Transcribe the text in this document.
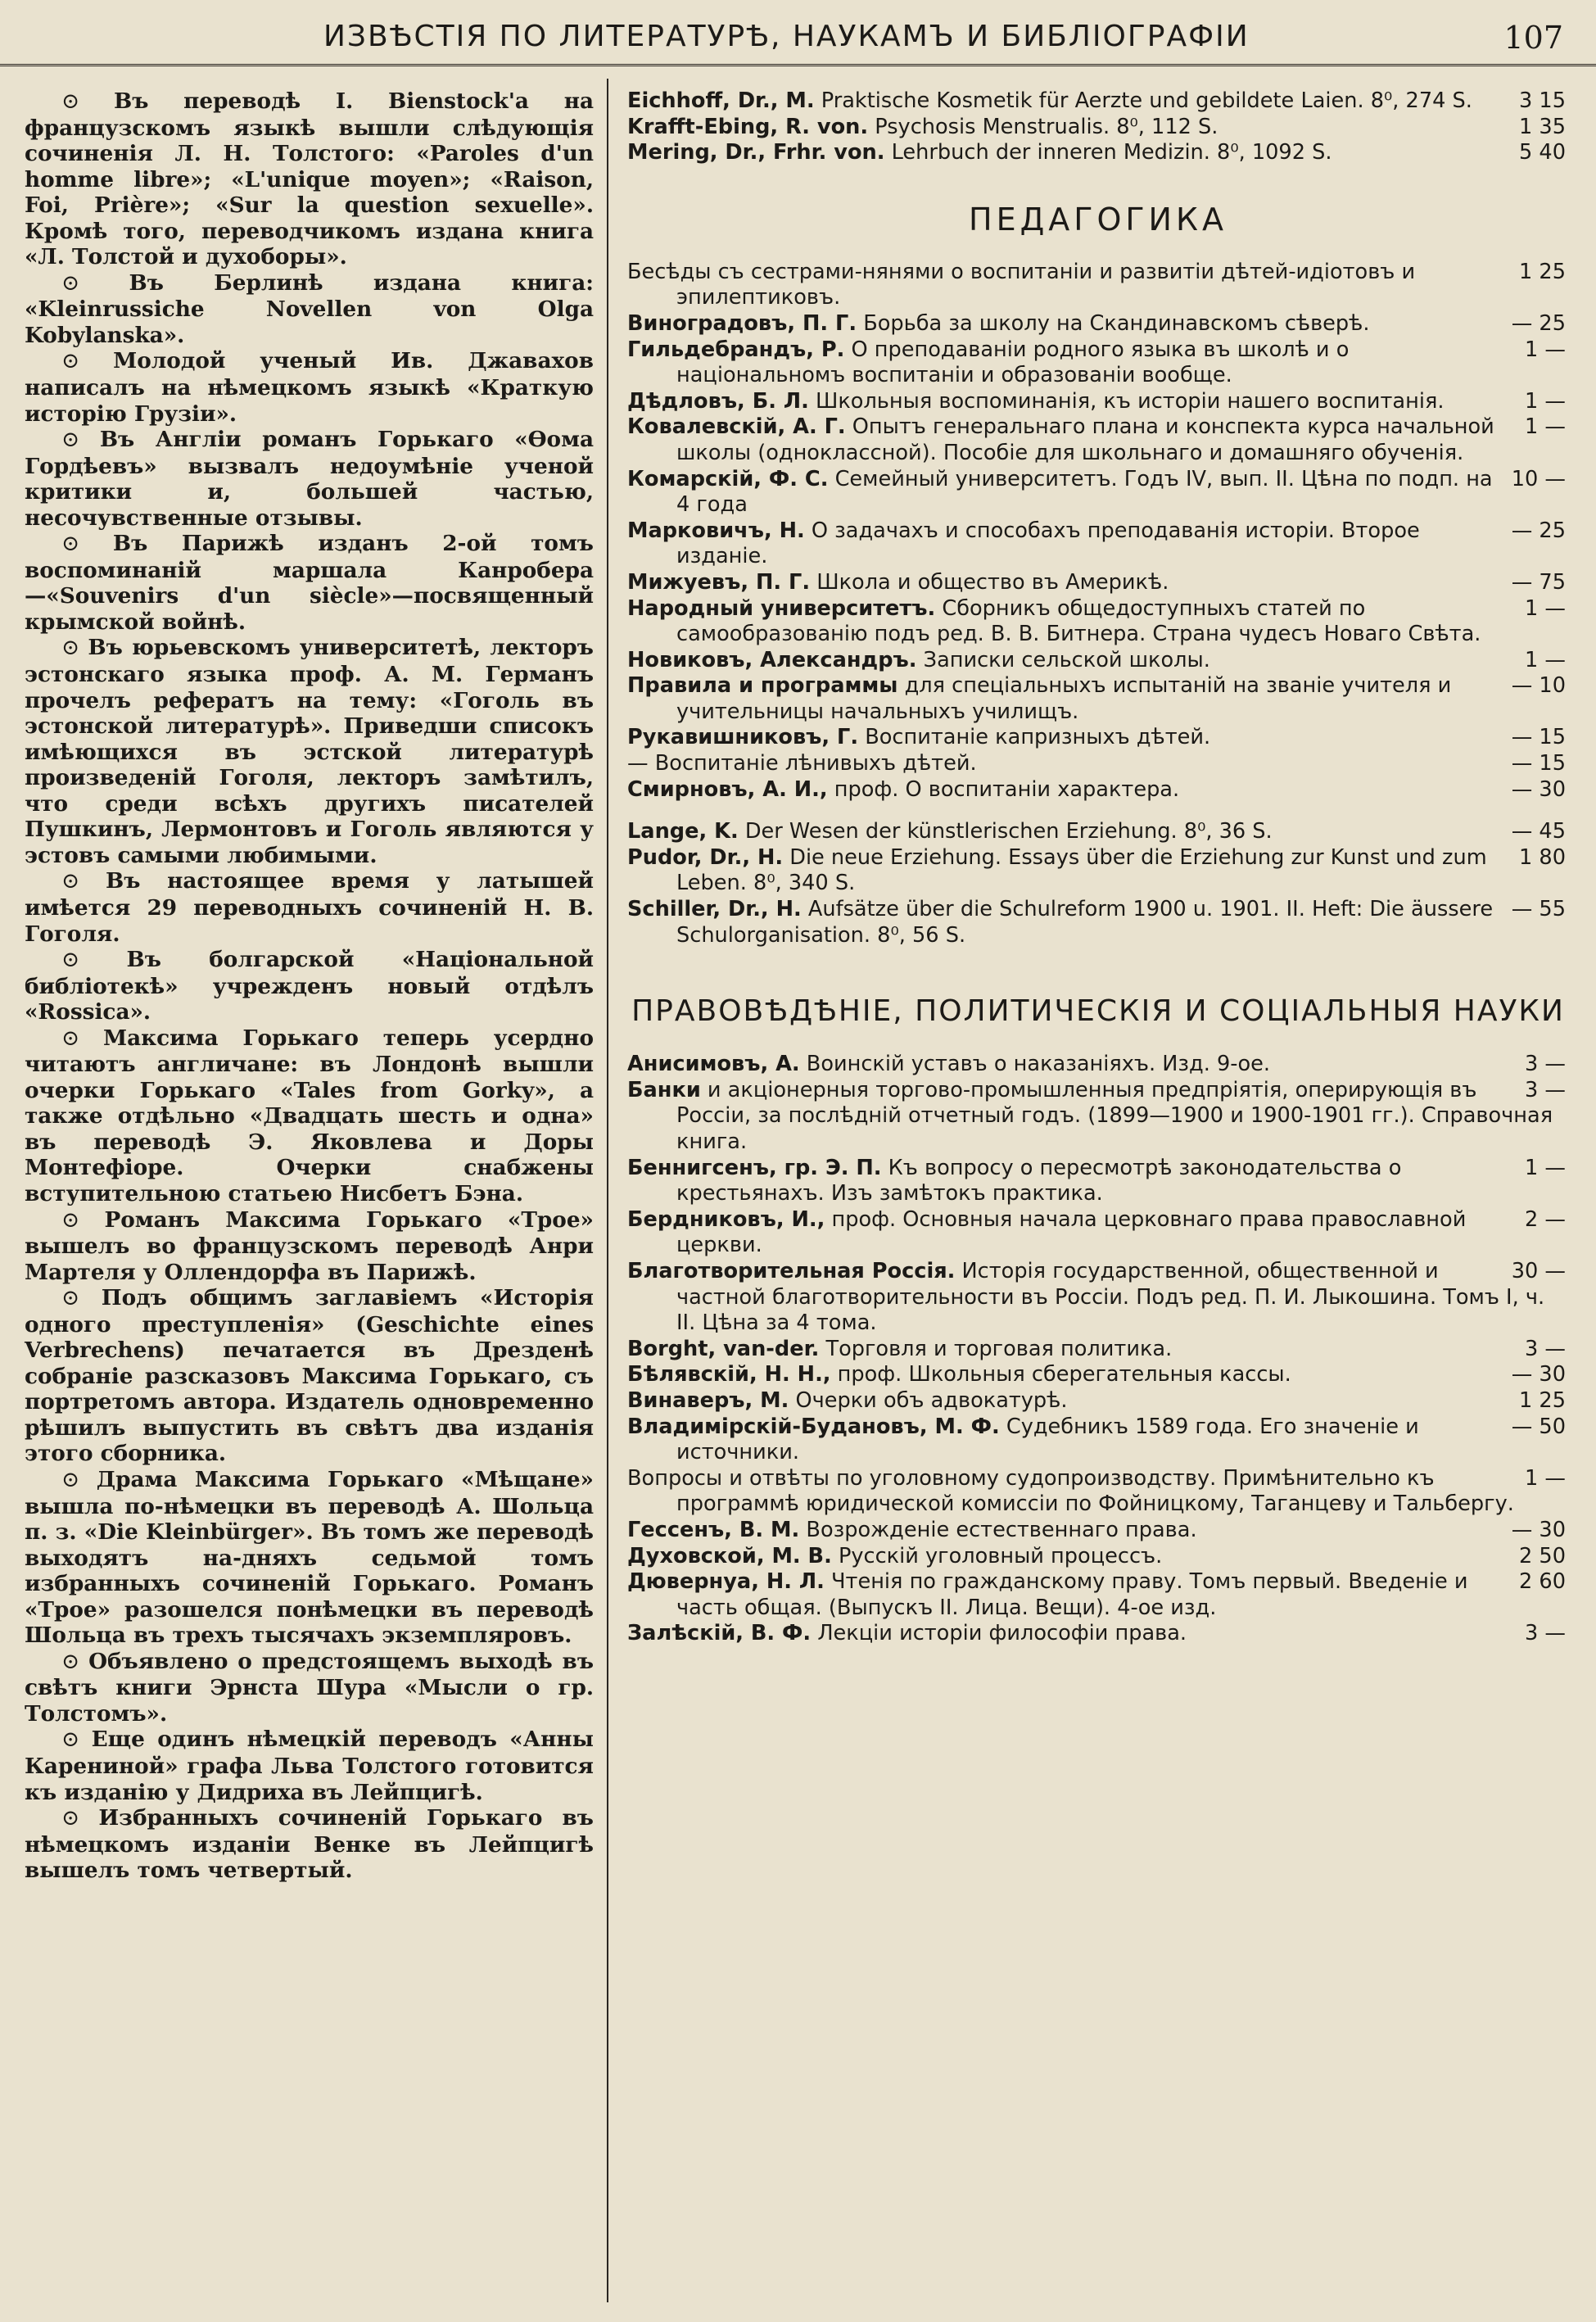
ИЗВѢСТІЯ ПО ЛИТЕРАТУРѢ, НАУКАМЪ И БИБЛІОГРАФІИ	107

⊙ Въ переводѣ I. Bienstock'a на французскомъ языкѣ вышли слѣдующія сочиненія Л. Н. Толстого: «Paroles d'un homme libre»; «L'unique moyen»; «Raison, Foi, Prière»; «Sur la question sexuelle». Кромѣ того, переводчикомъ издана книга «Л. Толстой и духоборы».

⊙ Въ Берлинѣ издана книга: «Kleinrussiche Novellen von Olga Kobylanska».

⊙ Молодой ученый Ив. Джавахов написалъ на нѣмецкомъ языкѣ «Краткую исторію Грузіи».

⊙ Въ Англіи романъ Горькаго «Ѳома Гордѣевъ» вызвалъ недоумѣніе ученой критики и, большей частью, несочувственные отзывы.

⊙ Въ Парижѣ изданъ 2-ой томъ воспоминаній маршала Канробера—«Souvenirs d'un siècle»—посвященный крымской войнѣ.

⊙ Въ юрьевскомъ университетѣ, лекторъ эстонскаго языка проф. А. М. Германъ прочелъ рефератъ на тему: «Гоголь въ эстонской литературѣ». Приведши списокъ имѣющихся въ эстской литературѣ произведеній Гоголя, лекторъ замѣтилъ, что среди всѣхъ другихъ писателей Пушкинъ, Лермонтовъ и Гоголь являются у эстовъ самыми любимыми.

⊙ Въ настоящее время у латышей имѣется 29 переводныхъ сочиненій Н. В. Гоголя.

⊙ Въ болгарской «Національной библіотекѣ» учрежденъ новый отдѣлъ «Rossica».

⊙ Максима Горькаго теперь усердно читаютъ англичане: въ Лондонѣ вышли очерки Горькаго «Tales from Gorky», а также отдѣльно «Двадцать шесть и одна» въ переводѣ Э. Яковлева и Доры Монтефіоре. Очерки снабжены вступительною статьею Нисбетъ Бэна.

⊙ Романъ Максима Горькаго «Трое» вышелъ во французскомъ переводѣ Анри Мартеля у Оллендорфа въ Парижѣ.

⊙ Подъ общимъ заглавіемъ «Исторія одного преступленія» (Geschichte eines Verbrechens) печатается въ Дрезденѣ собраніе разсказовъ Максима Горькаго, съ портретомъ автора. Издатель одновременно рѣшилъ выпустить въ свѣтъ два изданія этого сборника.

⊙ Драма Максима Горькаго «Мѣщане» вышла по-нѣмецки въ переводѣ А. Шольца п. з. «Die Kleinbürger». Въ томъ же переводѣ выходятъ на-дняхъ седьмой томъ избранныхъ сочиненій Горькаго. Романъ «Трое» разошелся понѣмецки въ переводѣ Шольца въ трехъ тысячахъ экземпляровъ.

⊙ Объявлено о предстоящемъ выходѣ въ свѣтъ книги Эрнста Шура «Мысли о гр. Толстомъ».

⊙ Еще одинъ нѣмецкій переводъ «Анны Карениной» графа Льва Толстого готовится къ изданію у Дидриха въ Лейпцигѣ.

⊙ Избранныхъ сочиненій Горькаго въ нѣмецкомъ изданіи Венке въ Лейпцигѣ вышелъ томъ четвертый.

3 15
Eichhoff, Dr., M. Praktische Kosmetik für Aerzte und gebildete Laien. 8⁰, 274 S.

1 35
Krafft-Ebing, R. von. Psychosis Menstrualis. 8⁰, 112 S.

5 40
Mering, Dr., Frhr. von. Lehrbuch der inneren Medizin. 8⁰, 1092 S.

ПЕДАГОГИКА

1 25
Бесѣды съ сестрами-нянями о воспитаніи и развитіи дѣтей-идіотовъ и эпилептиковъ.

— 25
Виноградовъ, П. Г. Борьба за школу на Скандинавскомъ сѣверѣ.

1 —
Гильдебрандъ, Р. О преподаваніи родного языка въ школѣ и о національномъ воспитаніи и образованіи вообще.

1 —
Дѣдловъ, Б. Л. Школьныя воспоминанія, къ исторіи нашего воспитанія.

1 —
Ковалевскій, А. Г. Опытъ генеральнаго плана и конспекта курса начальной школы (одноклассной). Пособіе для школьнаго и домашняго обученія.

10 —
Комарскій, Ф. С. Семейный университетъ. Годъ IV, вып. II. Цѣна по подп. на 4 года

— 25
Марковичъ, Н. О задачахъ и способахъ преподаванія исторіи. Второе изданіе.

— 75
Мижуевъ, П. Г. Школа и общество въ Америкѣ.

1 —
Народный университетъ. Сборникъ общедоступныхъ статей по самообразованію подъ ред. В. В. Битнера. Страна чудесъ Новаго Свѣта.

1 —
Новиковъ, Александръ. Записки сельской школы.

— 10
Правила и программы для спеціальныхъ испытаній на званіе учителя и учительницы начальныхъ училищъ.

— 15
Рукавишниковъ, Г. Воспитаніе капризныхъ дѣтей.

— 15
— Воспитаніе лѣнивыхъ дѣтей.

— 30
Смирновъ, А. И., проф. О воспитаніи характера.

— 45
Lange, K. Der Wesen der künstlerischen Erziehung. 8⁰, 36 S.

1 80
Pudor, Dr., H. Die neue Erziehung. Essays über die Erziehung zur Kunst und zum Leben. 8⁰, 340 S.

— 55
Schiller, Dr., H. Aufsätze über die Schulreform 1900 u. 1901. II. Heft: Die äussere Schulorganisation. 8⁰, 56 S.

ПРАВОВѢДѢНІЕ, ПОЛИТИЧЕСКІЯ И СОЦІАЛЬНЫЯ НАУКИ

3 —
Анисимовъ, А. Воинскій уставъ о наказаніяхъ. Изд. 9-ое.

3 —
Банки и акціонерныя торгово-промышленныя предпріятія, оперирующія въ Россіи, за послѣдній отчетный годъ. (1899—1900 и 1900-1901 гг.). Справочная книга.

1 —
Беннигсенъ, гр. Э. П. Къ вопросу о пересмотрѣ законодательства о крестьянахъ. Изъ замѣтокъ практика.

2 —
Бердниковъ, И., проф. Основныя начала церковнаго права православной церкви.

30 —
Благотворительная Россія. Исторія государственной, общественной и частной благотворительности въ Россіи. Подъ ред. П. И. Лыкошина. Томъ I, ч. II. Цѣна за 4 тома.

3 —
Borght, van-der. Торговля и торговая политика.

— 30
Бѣлявскій, Н. Н., проф. Школьныя сберегательныя кассы.

1 25
Винаверъ, М. Очерки объ адвокатурѣ.

— 50
Владимірскій-Будановъ, М. Ф. Судебникъ 1589 года. Его значеніе и источники.

1 —
Вопросы и отвѣты по уголовному судопроизводству. Примѣнительно къ программѣ юридической комиссіи по Фойницкому, Таганцеву и Тальбергу.

— 30
Гессенъ, В. М. Возрожденіе естественнаго права.

2 50
Духовской, М. В. Русскій уголовный процессъ.

2 60
Дювернуа, Н. Л. Чтенія по гражданскому праву. Томъ первый. Введеніе и часть общая. (Выпускъ II. Лица. Вещи). 4-ое изд.

3 —
Залѣскій, В. Ф. Лекціи исторіи философіи права.
